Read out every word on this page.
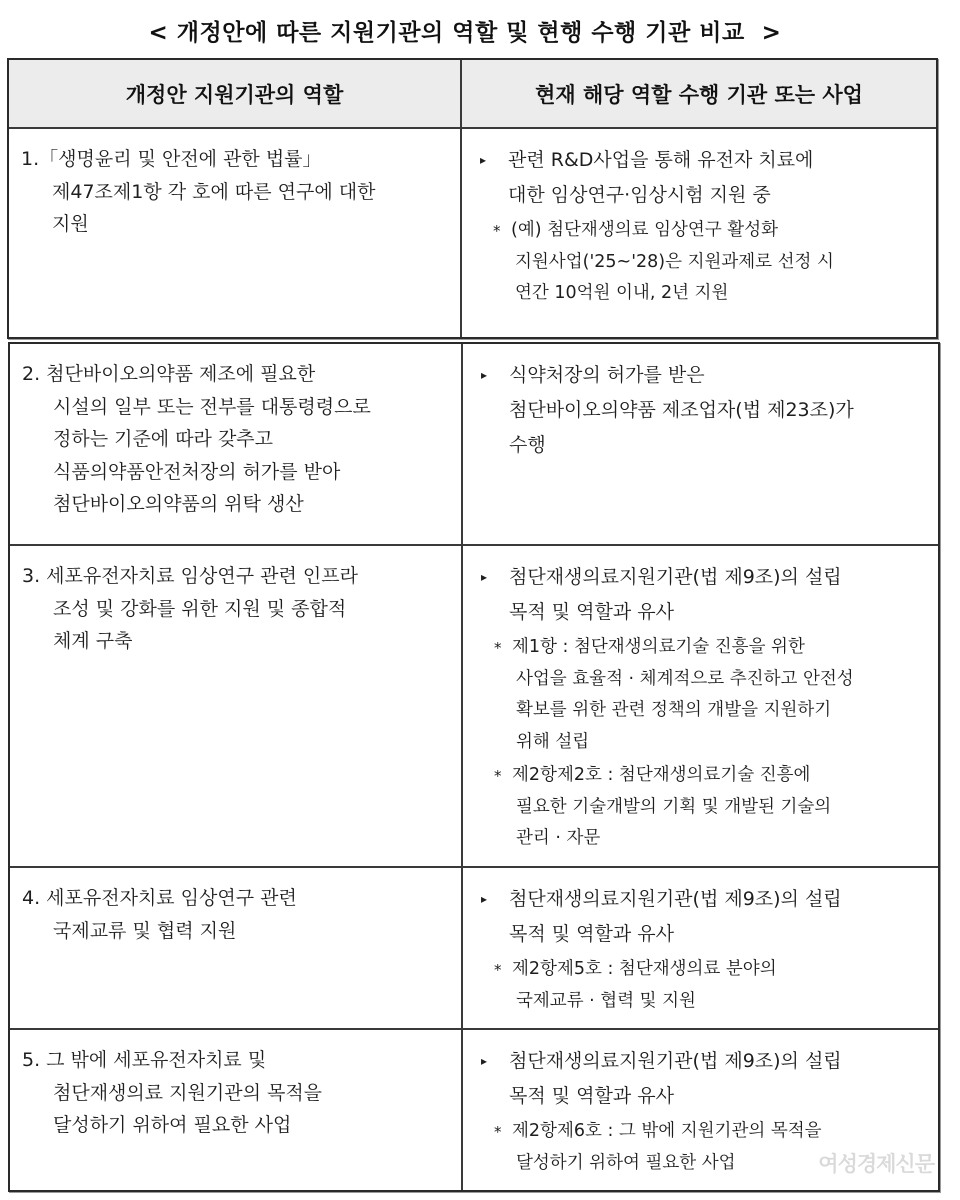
< 개정안에 따른 지원기관의 역할 및 현행 수행 기관 비교  >
개정안 지원기관의 역할	현재 해당 역할 수행 기관 또는 사업
1.「생명윤리 및 안전에 관한 법률」
제47조제1항 각 호에 따른 연구에 대한
지원
▸ 관련 R&D사업을 통해 유전자 치료에
대한 임상연구·임상시험 지원 중
* (예) 첨단재생의료 임상연구 활성화
지원사업('25~'28)은 지원과제로 선정 시
연간 10억원 이내, 2년 지원
2. 첨단바이오의약품 제조에 필요한
시설의 일부 또는 전부를 대통령령으로
정하는 기준에 따라 갖추고
식품의약품안전처장의 허가를 받아
첨단바이오의약품의 위탁 생산
▸ 식약처장의 허가를 받은
첨단바이오의약품 제조업자(법 제23조)가
수행
3. 세포유전자치료 임상연구 관련 인프라
조성 및 강화를 위한 지원 및 종합적
체계 구축
▸ 첨단재생의료지원기관(법 제9조)의 설립
목적 및 역할과 유사
* 제1항 : 첨단재생의료기술 진흥을 위한
사업을 효율적 · 체계적으로 추진하고 안전성
확보를 위한 관련 정책의 개발을 지원하기
위해 설립
* 제2항제2호 : 첨단재생의료기술 진흥에
필요한 기술개발의 기획 및 개발된 기술의
관리 · 자문
4. 세포유전자치료 임상연구 관련
국제교류 및 협력 지원
▸ 첨단재생의료지원기관(법 제9조)의 설립
목적 및 역할과 유사
* 제2항제5호 : 첨단재생의료 분야의
국제교류 · 협력 및 지원
5. 그 밖에 세포유전자치료 및
첨단재생의료 지원기관의 목적을
달성하기 위하여 필요한 사업
▸ 첨단재생의료지원기관(법 제9조)의 설립
목적 및 역할과 유사
* 제2항제6호 : 그 밖에 지원기관의 목적을
달성하기 위하여 필요한 사업	여성경제신문
